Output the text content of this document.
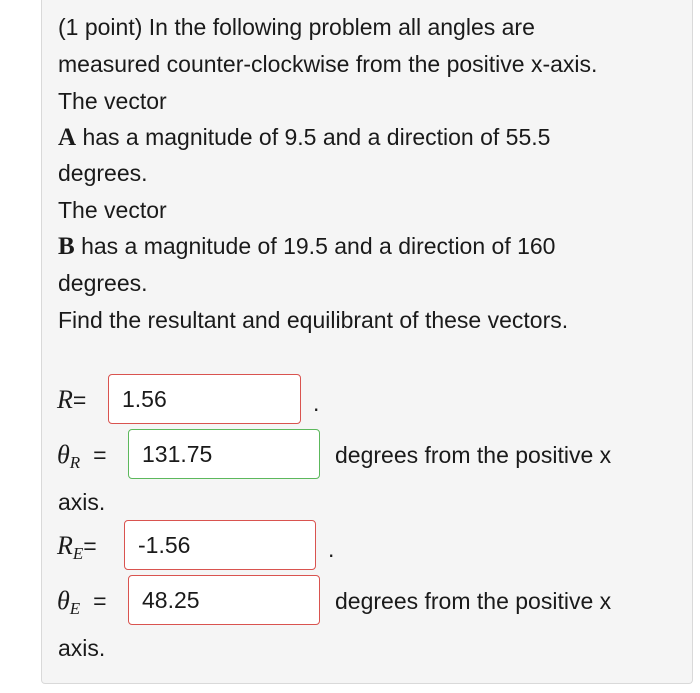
(1 point) In the following problem all angles are
measured counter-clockwise from the positive x-axis.
The vector
A has a magnitude of 9.5 and a direction of 55.5
degrees.
The vector
B has a magnitude of 19.5 and a direction of 160
degrees.
Find the resultant and equilibrant of these vectors.
R=
1.56	.
$\theta_R$ =
131.75	degrees from the positive x
axis.
$R_E=$
-1.56	.
$\theta_E$ =
48.25	degrees from the positive x
axis.
